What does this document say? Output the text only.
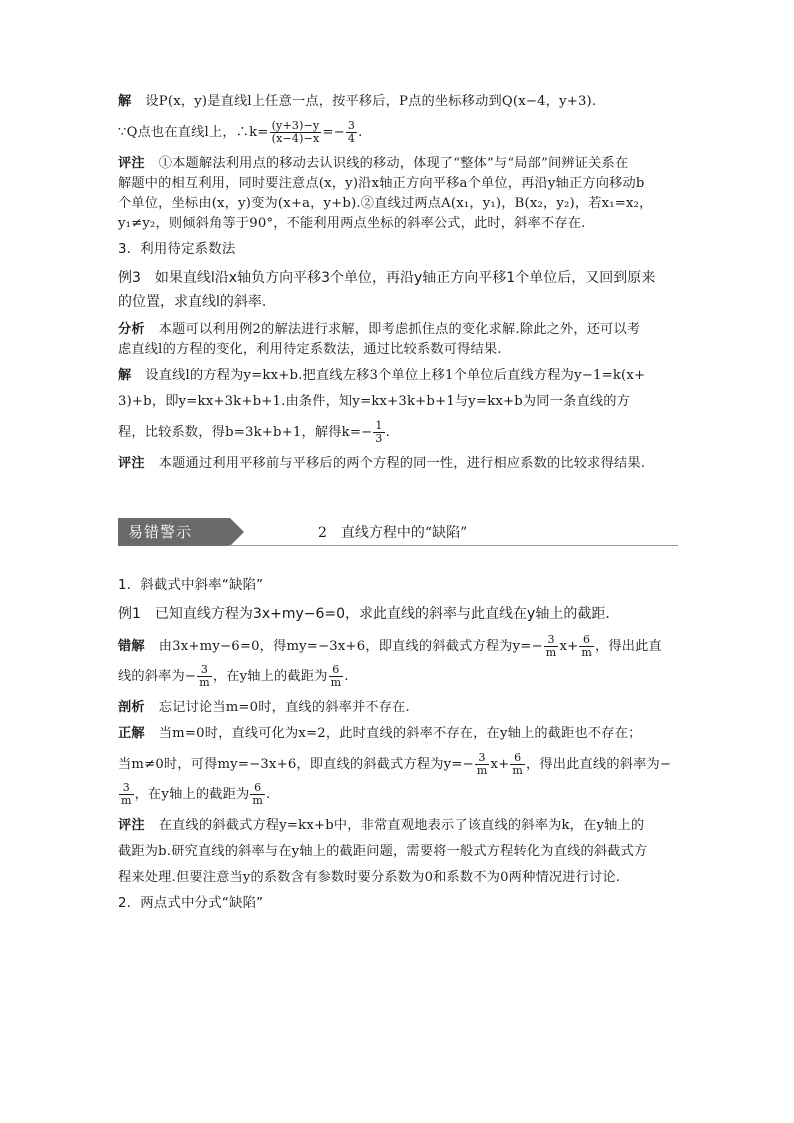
解 设P(x，y)是直线l上任意一点，按平移后，P点的坐标移动到Q(x−4，y+3).
∵Q点也在直线l上，∴k= $\frac{(y+3)-y}{(x-4)-x} =- \frac{3}{4}$ .
评注 ①本题解法利用点的移动去认识线的移动，体现了“整体”与“局部”间辨证关系在
解题中的相互利用，同时要注意点(x，y)沿x轴正方向平移a个单位，再沿y轴正方向移动b
个单位，坐标由(x，y)变为(x+a，y+b).②直线过两点A(x₁，y₁)，B(x₂，y₂)，若x₁=x₂，
y₁≠y₂，则倾斜角等于90°，不能利用两点坐标的斜率公式，此时，斜率不存在.
3．利用待定系数法
例3 如果直线l沿x轴负方向平移3个单位，再沿y轴正方向平移1个单位后，又回到原来
的位置，求直线l的斜率.
分析 本题可以利用例2的解法进行求解，即考虑抓住点的变化求解.除此之外，还可以考
虑直线l的方程的变化，利用待定系数法，通过比较系数可得结果.
解 设直线l的方程为y=kx+b.把直线左移3个单位上移1个单位后直线方程为y−1=k(x+
3)+b，即y=kx+3k+b+1.由条件，知y=kx+3k+b+1与y=kx+b为同一条直线的方
程，比较系数，得b=3k+b+1，解得$k=- \frac{1}{3}$ .
评注 本题通过利用平移前与平移后的两个方程的同一性，进行相应系数的比较求得结果.
易错警示	2　直线方程中的“缺陷”
1．斜截式中斜率“缺陷”
例1 已知直线方程为3x+my−6=0，求此直线的斜率与此直线在y轴上的截距.
错解 由3x+my−6=0，得my=−3x+6，即直线的斜截式方程为$y=- \frac{3}{m} x+ \frac{6}{m}$ ，得出此直
线的斜率为− $\frac{3}{m}$ ，在y轴上的截距为 $\frac{6}{m}$ .
剖析 忘记讨论当m=0时，直线的斜率并不存在.
正解 当m=0时，直线可化为x=2，此时直线的斜率不存在，在y轴上的截距也不存在；
当m≠0时，可得my=−3x+6，即直线的斜截式方程为$y=- \frac{3}{m} x+ \frac{6}{m}$ ，得出此直线的斜率为−
$\frac{3}{m}$ ，在y轴上的截距为 $\frac{6}{m}$ .
评注 在直线的斜截式方程y=kx+b中，非常直观地表示了该直线的斜率为k，在y轴上的
截距为b.研究直线的斜率与在y轴上的截距问题，需要将一般式方程转化为直线的斜截式方
程来处理.但要注意当y的系数含有参数时要分系数为0和系数不为0两种情况进行讨论.
2．两点式中分式“缺陷”
